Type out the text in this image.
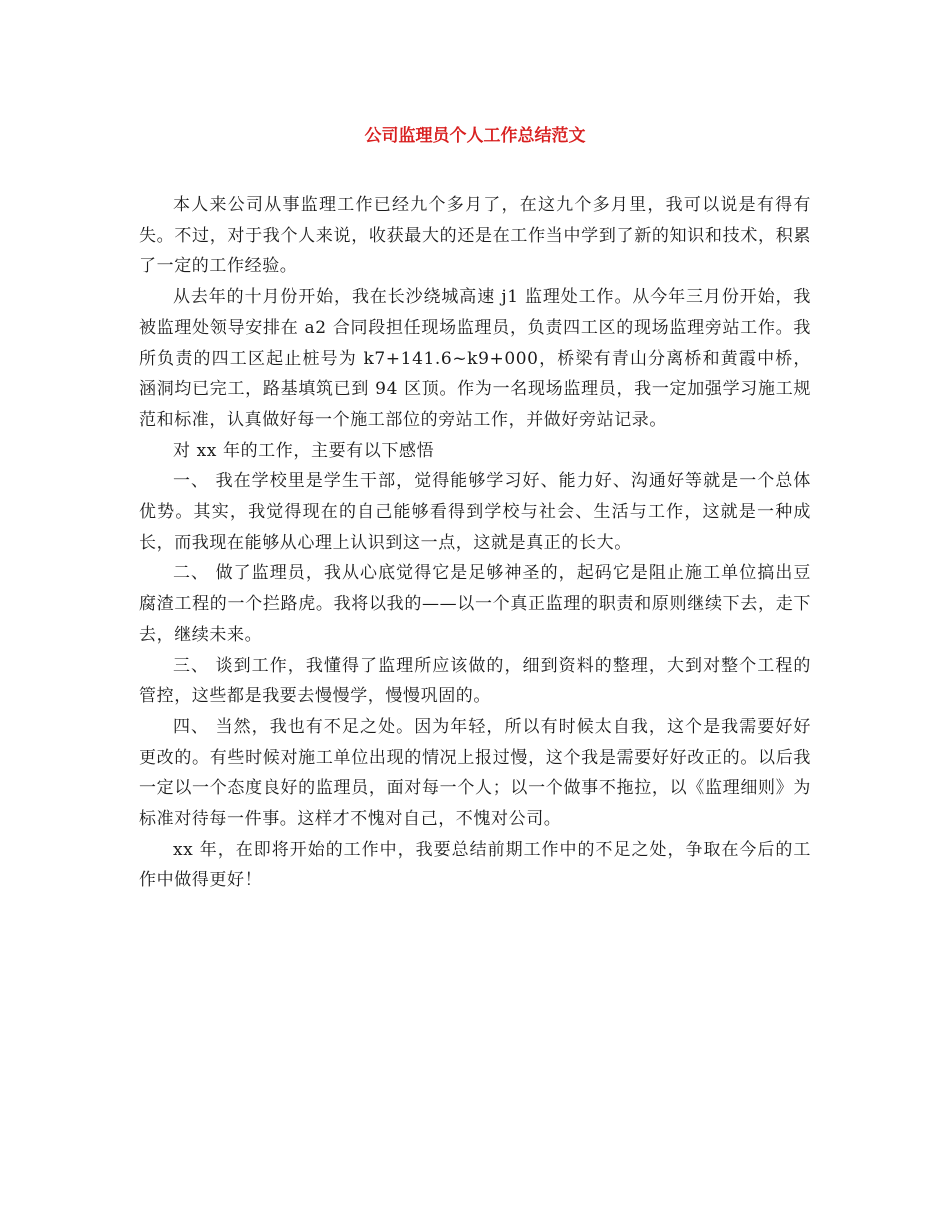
公司监理员个人工作总结范文

本人来公司从事监理工作已经九个多月了，在这九个多月里，我可以说是有得有失。不过，对于我个人来说，收获最大的还是在工作当中学到了新的知识和技术，积累了一定的工作经验。

从去年的十月份开始，我在长沙绕城高速 j1 监理处工作。从今年三月份开始，我被监理处领导安排在 a2 合同段担任现场监理员，负责四工区的现场监理旁站工作。我所负责的四工区起止桩号为 k7+141.6~k9+000，桥梁有青山分离桥和黄霞中桥，涵洞均已完工，路基填筑已到 94 区顶。作为一名现场监理员，我一定加强学习施工规范和标准，认真做好每一个施工部位的旁站工作，并做好旁站记录。

对 xx 年的工作，主要有以下感悟

一、 我在学校里是学生干部，觉得能够学习好、能力好、沟通好等就是一个总体优势。其实，我觉得现在的自己能够看得到学校与社会、生活与工作，这就是一种成长，而我现在能够从心理上认识到这一点，这就是真正的长大。

二、 做了监理员，我从心底觉得它是足够神圣的，起码它是阻止施工单位搞出豆腐渣工程的一个拦路虎。我将以我的——以一个真正监理的职责和原则继续下去，走下去，继续未来。

三、 谈到工作，我懂得了监理所应该做的，细到资料的整理，大到对整个工程的管控，这些都是我要去慢慢学，慢慢巩固的。

四、 当然，我也有不足之处。因为年轻，所以有时候太自我，这个是我需要好好更改的。有些时候对施工单位出现的情况上报过慢，这个我是需要好好改正的。以后我一定以一个态度良好的监理员，面对每一个人；以一个做事不拖拉，以《监理细则》为标准对待每一件事。这样才不愧对自己，不愧对公司。

xx 年，在即将开始的工作中，我要总结前期工作中的不足之处，争取在今后的工作中做得更好！
